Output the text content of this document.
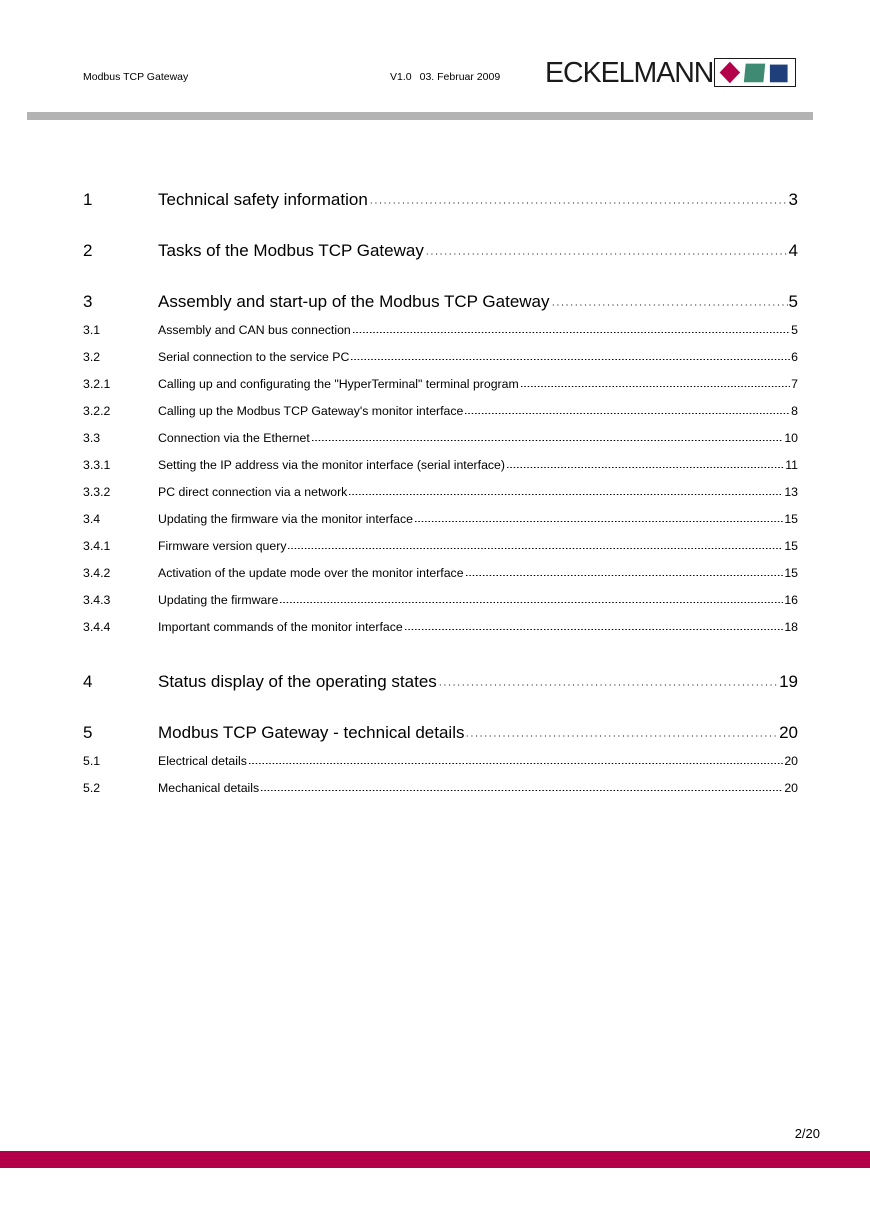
Modbus TCP Gateway	V1.0 03. Februar 2009 ECKELMANN
1	Technical safety information	3
2	Tasks of the Modbus TCP Gateway	4
3	Assembly and start-up of the Modbus TCP Gateway	5
3.1	Assembly and CAN bus connection	5
3.2	Serial connection to the service PC	6
3.2.1	Calling up and configurating the "HyperTerminal" terminal program	7
3.2.2	Calling up the Modbus TCP Gateway's monitor interface	8
3.3	Connection via the Ethernet	10
3.3.1	Setting the IP address via the monitor interface (serial interface)	11
3.3.2	PC direct connection via a network	13
3.4	Updating the firmware via the monitor interface	15
3.4.1	Firmware version query	15
3.4.2	Activation of the update mode over the monitor interface	15
3.4.3	Updating the firmware	16
3.4.4	Important commands of the monitor interface	18
4	Status display of the operating states	19
5	Modbus TCP Gateway - technical details	20
5.1	Electrical details	20
5.2	Mechanical details	20
2/20
